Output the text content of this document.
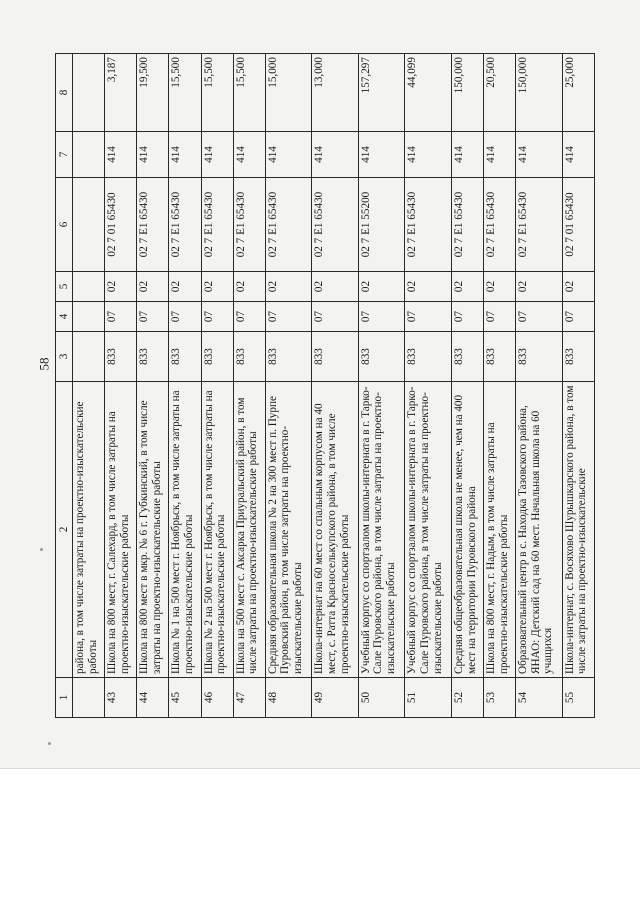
58
1	2	3	4	5	6	7	8
	района, в том числе затраты на проектно-изыскательские работы						
43	Школа на 800 мест, г. Салехард, в том числе затраты на проектно-изыскательские работы	833	07	02	02 7 01 65430	414	3,187
44	Школа на 800 мест в мкр. № 6 г. Губкинский, в том числе затраты на проектно-изыскательские работы	833	07	02	02 7 E1 65430	414	19,500
45	Школа № 1 на 500 мест г. Ноябрьск, в том числе затраты на проектно-изыскательские работы	833	07	02	02 7 E1 65430	414	15,500
46	Школа № 2 на 500 мест г. Ноябрьск, в том числе затраты на проектно-изыскательские работы	833	07	02	02 7 E1 65430	414	15,500
47	Школа на 500 мест с. Аксарка Приуральский район, в том числе затраты на проектно-изыскательские работы	833	07	02	02 7 E1 65430	414	15,500
48	Средняя образовательная школа № 2 на 300 мест п. Пурпе Пуровский район, в том числе затраты на проектно-изыскательские работы	833	07	02	02 7 E1 65430	414	15,000
49	Школа-интернат на 60 мест со спальным корпусом на 40 мест, с. Ратта Красноселькупского района, в том числе проектно-изыскательские работы	833	07	02	02 7 E1 65430	414	13,000
50	Учебный корпус со спортзалом школы-интерната в г. Тарко-Сале Пуровского района, в том числе затраты на проектно-изыскательские работы	833	07	02	02 7 E1 55200	414	157,297
51	Учебный корпус со спортзалом школы-интерната в г. Тарко-Сале Пуровского района, в том числе затраты на проектно-изыскательские работы	833	07	02	02 7 E1 65430	414	44,099
52	Средняя общеобразовательная школа не менее, чем на 400 мест на территории Пуровского района	833	07	02	02 7 E1 65430	414	150,000
53	Школа на 800 мест, г. Надым, в том числе затраты на проектно-изыскательские работы	833	07	02	02 7 E1 65430	414	20,500
54	Образовательный центр в с. Находка Тазовского района, ЯНАО: Детский сад на 60 мест. Начальная школа на 60 учащихся	833	07	02	02 7 E1 65430	414	150,000
55	Школа-интернат, с. Восяхово Шурышкарского района, в том числе затраты на проектно-изыскательские	833	07	02	02 7 01 65430	414	25,000
